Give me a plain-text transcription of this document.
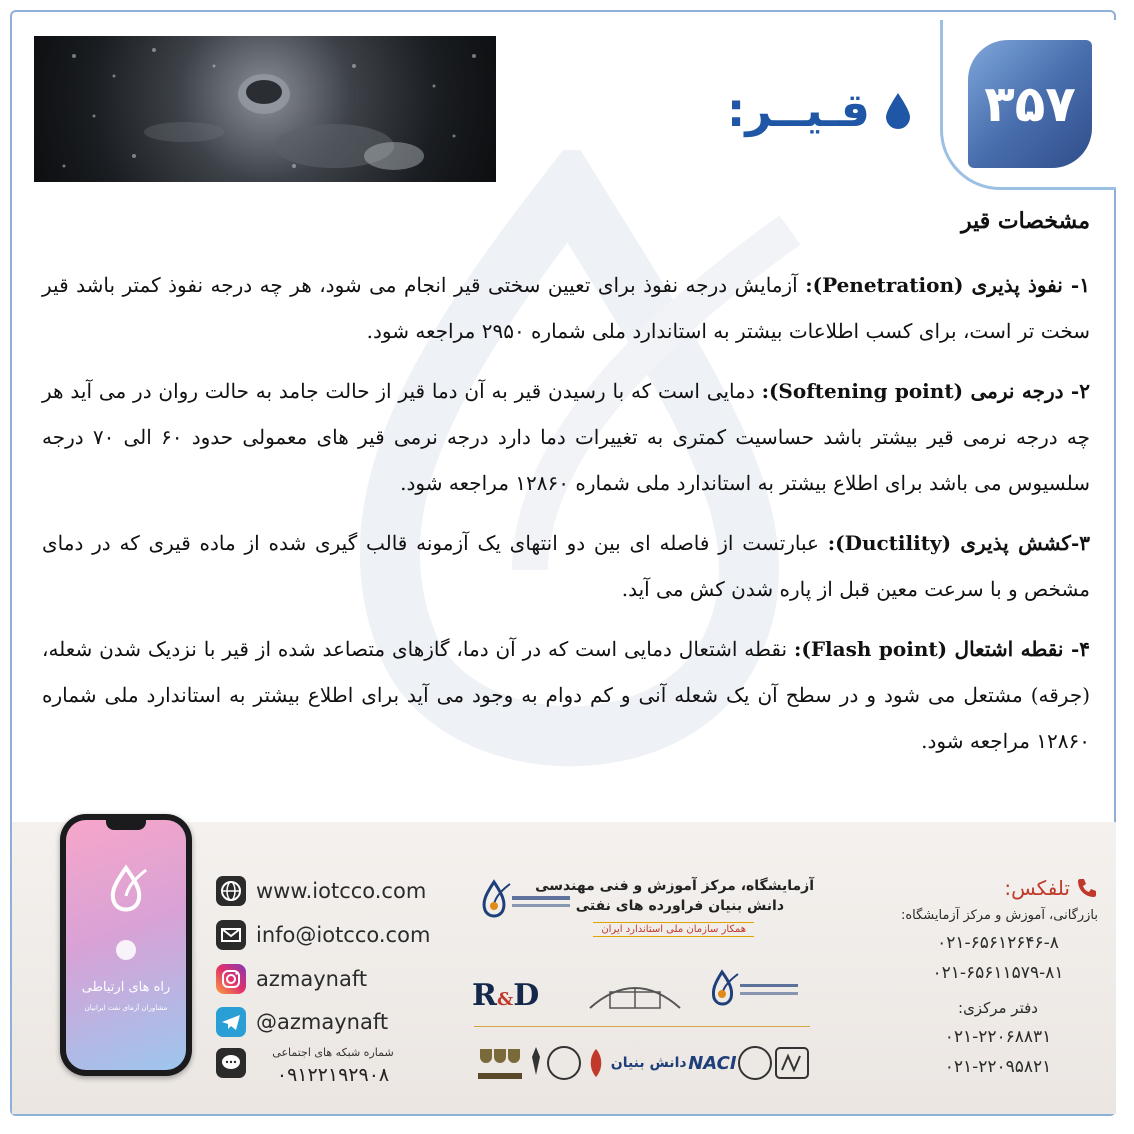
۳۵۷
قـیــر:
مشخصات قیر

۱- نفوذ پذیری (Penetration): آزمایش درجه نفوذ برای تعیین سختی قیر انجام می شود، هر چه درجه نفوذ کمتر باشد قیر سخت تر است، برای کسب اطلاعات بیشتر به استاندارد ملی شماره ۲۹۵۰ مراجعه شود.

۲- درجه نرمی (Softening point): دمایی است که با رسیدن قیر به آن دما قیر از حالت جامد به حالت روان در می آید هر چه درجه نرمی قیر بیشتر باشد حساسیت کمتری به تغییرات دما دارد درجه نرمی قیر های معمولی حدود ۶۰ الی ۷۰ درجه سلسیوس می باشد برای اطلاع بیشتر به استاندارد ملی شماره ۱۲۸۶۰ مراجعه شود.

۳-کشش پذیری (Ductility): عبارتست از فاصله ای بین دو انتهای یک آزمونه قالب گیری شده از ماده قیری که در دمای مشخص و با سرعت معین قبل از پاره شدن کش می آید.

۴- نقطه اشتعال (Flash point): نقطه اشتعال دمایی است که در آن دما، گازهای متصاعد شده از قیر با نزدیک شدن شعله، (جرقه) مشتعل می شود و در سطح آن یک شعله آنی و کم دوام به وجود می آید برای اطلاع بیشتر به استاندارد ملی شماره ۱۲۸۶۰ مراجعه شود.

راه های ارتباطی
مشاوران آزمای نفت ایرانیان
www.iotcco.com
info@iotcco.com
azmaynaft
@azmaynaft
شماره شبکه های اجتماعی
۰۹۱۲۲۱۹۲۹۰۸
آزمایشگاه، مرکز آموزش و فنی مهندسی
دانش بنیان فراورده های نفتی
همکار سازمان ملی استاندارد ایران
R&D
دانش بنیان NACI
تلفکس:
بازرگانی، آموزش و مرکز آزمایشگاه:
۰۲۱-۶۵۶۱۲۶۴۶-۸
۰۲۱-۶۵۶۱۱۵۷۹-۸۱
دفتر مرکزی:
۰۲۱-۲۲۰۶۸۸۳۱
۰۲۱-۲۲۰۹۵۸۲۱
